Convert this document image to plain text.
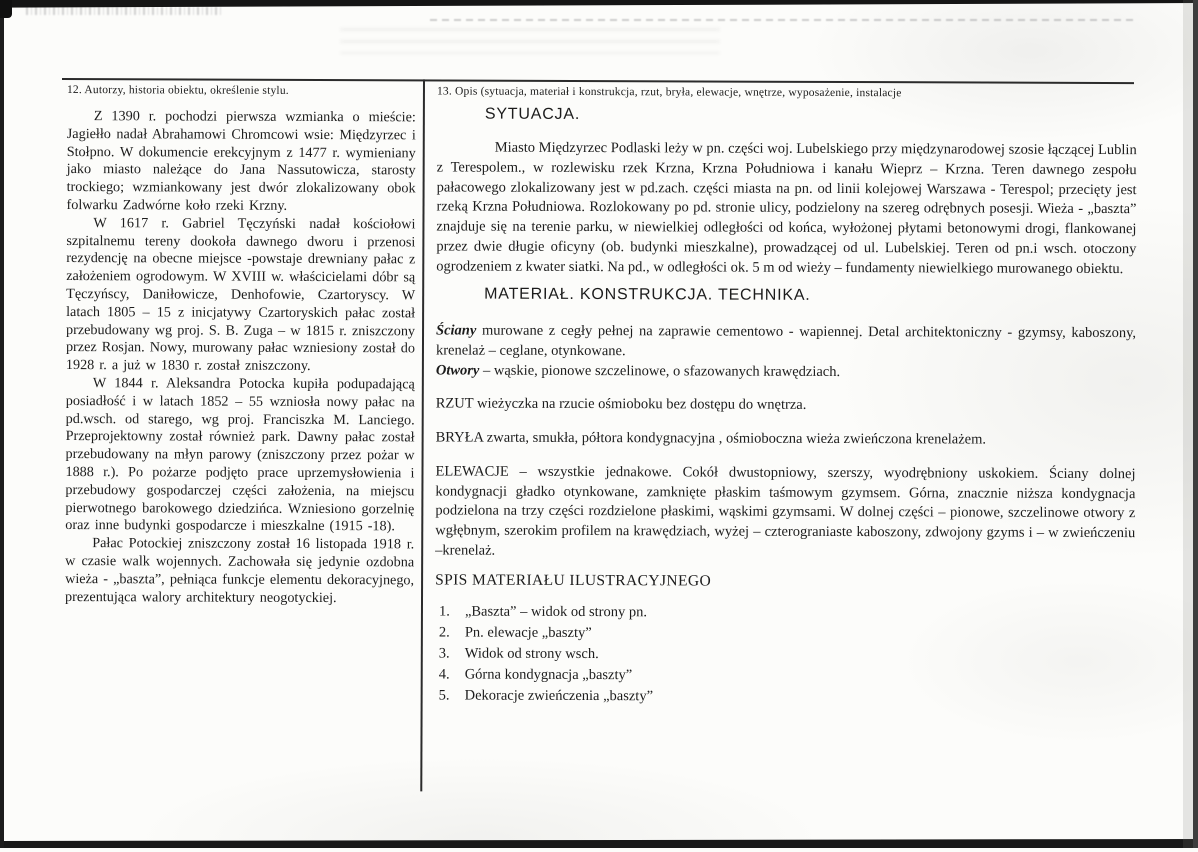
12. Autorzy, historia obiektu, określenie stylu.

Z 1390 r. pochodzi pierwsza wzmianka o mieście: Jagiełło nadał Abrahamowi Chromcowi wsie: Międzyrzec i Stołpno. W dokumencie erekcyjnym z 1477 r. wymieniany jako miasto należące do Jana Nassutowicza, starosty trockiego; wzmiankowany jest dwór zlokalizowany obok folwarku Zadwórne koło rzeki Krzny.

W 1617 r. Gabriel Tęczyński nadał kościołowi szpitalnemu tereny dookoła dawnego dworu i przenosi rezydencję na obecne miejsce -powstaje drewniany pałac z założeniem ogrodowym. W XVIII w. właścicielami dóbr są Tęczyńscy, Daniłowicze, Denhofowie, Czartoryscy. W latach 1805 – 15 z inicjatywy Czartoryskich pałac został przebudowany wg proj. S. B. Zuga – w 1815 r. zniszczony przez Rosjan. Nowy, murowany pałac wzniesiony został do 1928 r. a już w 1830 r. został zniszczony.

W 1844 r. Aleksandra Potocka kupiła podupadającą posiadłość i w latach 1852 – 55 wzniosła nowy pałac na pd.wsch. od starego, wg proj. Franciszka M. Lanciego. Przeprojektowny został również park. Dawny pałac został przebudowany na młyn parowy (zniszczony przez pożar w 1888 r.). Po pożarze podjęto prace uprzemysłowienia i przebudowy gospodarczej części założenia, na miejscu pierwotnego barokowego dziedzińca. Wzniesiono gorzelnię oraz inne budynki gospodarcze i mieszkalne (1915 -18).

Pałac Potockiej zniszczony został 16 listopada 1918 r. w czasie walk wojennych. Zachowała się jedynie ozdobna wieża - „baszta”, pełniąca funkcje elementu dekoracyjnego, prezentująca walory architektury neogotyckiej.

13. Opis (sytuacja, materiał i konstrukcja, rzut, bryła, elewacje, wnętrze, wyposażenie, instalacje
SYTUACJA.

Miasto Międzyrzec Podlaski leży w pn. części woj. Lubelskiego przy międzynarodowej szosie łączącej Lublin z Terespolem., w rozlewisku rzek Krzna, Krzna Południowa i kanału Wieprz – Krzna. Teren dawnego zespołu pałacowego zlokalizowany jest w pd.zach. części miasta na pn. od linii kolejowej Warszawa - Terespol; przecięty jest rzeką Krzna Południowa. Rozlokowany po pd. stronie ulicy, podzielony na szereg odrębnych posesji. Wieża - „baszta” znajduje się na terenie parku, w niewielkiej odległości od końca, wyłożonej płytami betonowymi drogi, flankowanej przez dwie długie oficyny (ob. budynki mieszkalne), prowadzącej od ul. Lubelskiej. Teren od pn.i wsch. otoczony ogrodzeniem z kwater siatki. Na pd., w odległości ok. 5 m od wieży – fundamenty niewielkiego murowanego obiektu.

MATERIAŁ. KONSTRUKCJA. TECHNIKA.

Ściany murowane z cegły pełnej na zaprawie cementowo - wapiennej. Detal architektoniczny - gzymsy, kaboszony, krenelaż – ceglane, otynkowane.

Otwory – wąskie, pionowe szczelinowe, o sfazowanych krawędziach.

RZUT wieżyczka na rzucie ośmioboku bez dostępu do wnętrza.

BRYŁA zwarta, smukła, półtora kondygnacyjna , ośmioboczna wieża zwieńczona krenelażem.

ELEWACJE – wszystkie jednakowe. Cokół dwustopniowy, szerszy, wyodrębniony uskokiem. Ściany dolnej kondygnacji gładko otynkowane, zamknięte płaskim taśmowym gzymsem. Górna, znacznie niższa kondygnacja podzielona na trzy części rozdzielone płaskimi, wąskimi gzymsami. W dolnej części – pionowe, szczelinowe otwory z wgłębnym, szerokim profilem na krawędziach, wyżej – czterograniaste kaboszony, zdwojony gzyms i – w zwieńczeniu –krenelaż.

SPIS MATERIAŁU ILUSTRACYJNEGO
1.	„Baszta” – widok od strony pn.
2.	Pn. elewacje „baszty”
3.	Widok od strony wsch.
4.	Górna kondygnacja „baszty”
5.	Dekoracje zwieńczenia „baszty”
